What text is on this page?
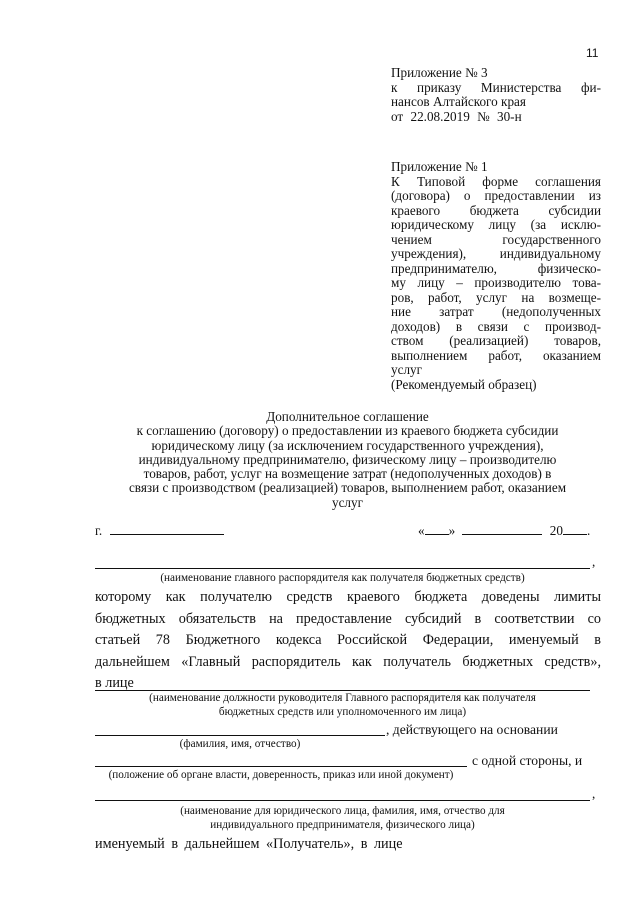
11
Приложение № 3
к приказу Министерства фи-
нансов Алтайского края
от 22.08.2019 № 30-н
Приложение № 1
К Типовой форме соглашения
(договора) о предоставлении из
краевого бюджета субсидии
юридическому лицу (за исклю-
чением государственного
учреждения), индивидуальному
предпринимателю, физическо-
му лицу – производителю това-
ров, работ, услуг на возмеще-
ние затрат (недополученных
доходов) в связи с производ-
ством (реализацией) товаров,
выполнением работ, оказанием
услуг
(Рекомендуемый образец)
Дополнительное соглашение
к соглашению (договору) о предоставлении из краевого бюджета субсидии
юридическому лицу (за исключением государственного учреждения),
индивидуальному предпринимателю, физическому лицу – производителю
товаров, работ, услуг на возмещение затрат (недополученных доходов) в
связи с производством (реализацией) товаров, выполнением работ, оказанием
услуг
г.	« »	20 .
,
(наименование главного распорядителя как получателя бюджетных средств)
которому как получателю средств краевого бюджета доведены лимиты
бюджетных обязательств на предоставление субсидий в соответствии со
статьей 78 Бюджетного кодекса Российской Федерации, именуемый в
дальнейшем «Главный распорядитель как получатель бюджетных средств»,
в лице
(наименование должности руководителя Главного распорядителя как получателя
бюджетных средств или уполномоченного им лица)
, действующего на основании
(фамилия, имя, отчество)
с одной стороны, и
(положение об органе власти, доверенность, приказ или иной документ)
,
(наименование для юридического лица, фамилия, имя, отчество для
индивидуального предпринимателя, физического лица)
именуемый в дальнейшем «Получатель», в лице
